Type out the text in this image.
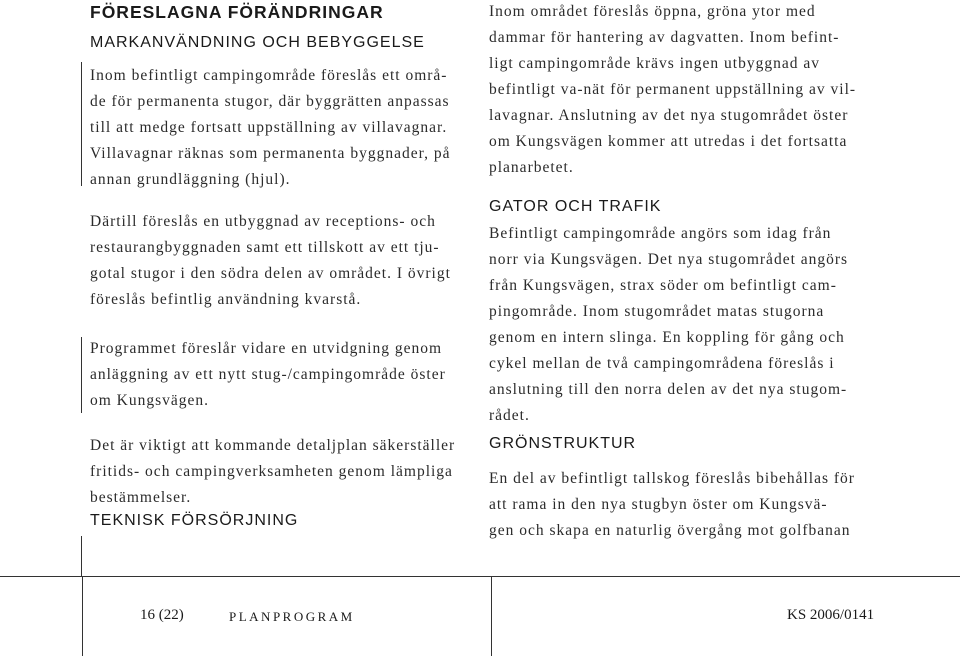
FÖRESLAGNA FÖRÄNDRINGAR
MARKANVÄNDNING OCH BEBYGGELSE

Inom befintligt campingområde föreslås ett områ-
de för permanenta stugor, där byggrätten anpassas
till att medge fortsatt uppställning av villavagnar.
Villavagnar räknas som permanenta byggnader, på
annan grundläggning (hjul).

Därtill föreslås en utbyggnad av receptions- och
restaurangbyggnaden samt ett tillskott av ett tju-
gotal stugor i den södra delen av området. I övrigt
föreslås befintlig användning kvarstå.

Programmet föreslår vidare en utvidgning genom
anläggning av ett nytt stug-/campingområde öster
om Kungsvägen.

Det är viktigt att kommande detaljplan säkerställer
fritids- och campingverksamheten genom lämpliga
bestämmelser.

TEKNISK FÖRSÖRJNING

Inom området föreslås öppna, gröna ytor med
dammar för hantering av dagvatten. Inom befint-
ligt campingområde krävs ingen utbyggnad av
befintligt va-nät för permanent uppställning av vil-
lavagnar. Anslutning av det nya stugområdet öster
om Kungsvägen kommer att utredas i det fortsatta
planarbetet.

GATOR OCH TRAFIK

Befintligt campingområde angörs som idag från
norr via Kungsvägen. Det nya stugområdet angörs
från Kungsvägen, strax söder om befintligt cam-
pingområde. Inom stugområdet matas stugorna
genom en intern slinga. En koppling för gång och
cykel mellan de två campingområdena föreslås i
anslutning till den norra delen av det nya stugom-
rådet.

GRÖNSTRUKTUR

En del av befintligt tallskog föreslås bibehållas för
att rama in den nya stugbyn öster om Kungsvä-
gen och skapa en naturlig övergång mot golfbanan

16 (22)	PLANPROGRAM	KS 2006/0141
